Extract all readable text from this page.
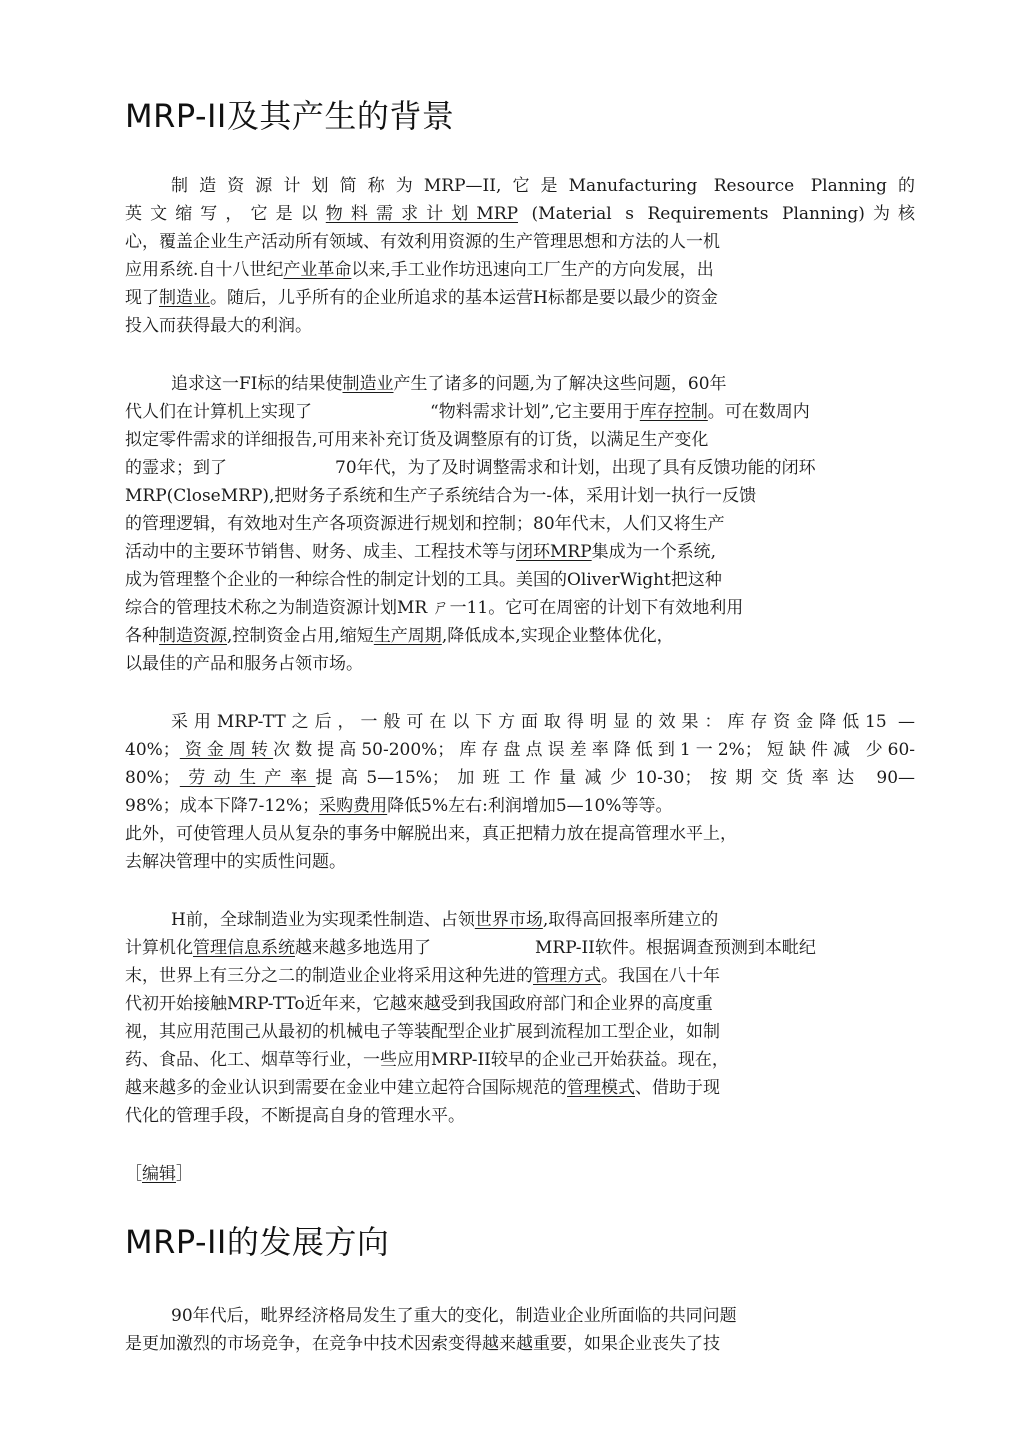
MRP-II及其产生的背景
制造资源计划简称为MRP—II,它是Manufacturing Resource Planning的
英文缩写，它是以物料需求计划MRP (Material s Requirements Planning)为核
心，覆盖企业生产活动所有领域、有效利用资源的生产管理思想和方法的人一机
应用系统.自十八世纪产业革命以来,手工业作坊迅速向工厂生产的方向发展，出
现了制造业。随后，儿乎所有的企业所追求的基本运营H标都是要以最少的资金
投入而获得最大的利润。
追求这一FI标的结果使制造业产生了诸多的问题,为了解决这些问题，60年
代人们在计算机上实现了	“物料需求计划”,它主要用于库存控制。可在数周内
拟定零件需求的详细报告,可用来补充订货及调整原有的订货，以满足生产变化
的霊求；到了	70年代，为了及时调整需求和计划，出现了具有反馈功能的闭环
MRP(CloseMRP),把财务子系统和生产子系统结合为一-体，采用计划一执行一反馈
的管理逻辑，有效地对生产各项资源进行规划和控制；80年代末，人们又将生产
活动中的主要环节销售、财务、成圭、工程技术等与闭环MRP集成为一个系统,
成为管理整个企业的一种综合性的制定计划的工具。美国的OliverWight把这种
综合的管理技术称之为制造资源计划MR ㄕ一11。它可在周密的计划下有效地利用
各种制造资源,控制资金占用,缩短生产周期,降低成本,实现企业整体优化，
以最佳的产品和服务占领市场。
采用MRP-TT之后，一般可在以下方面取得明显的效果：库存资金降低15 —
40%；资金周转次数提高50-200%；库存盘点误差率降低到1一2%；短缺件减 少60-
80%；劳动生产率提高5—15%；加班工作量减少10-30；按期交货率达 90—
98%；成本下降7-12%；采购费用降低5%左右:利润增加5—10%等等。
此外，可使管理人员从复杂的事务中解脱出来，真正把精力放在提高管理水平上，
去解决管理中的实质性问题。
H前，全球制造业为实现柔性制造、占领世界市场,取得高回报率所建立的
计算机化管理信息系统越来越多地选用了	MRP-II软件。根据调查预测到本毗纪
末，世界上有三分之二的制造业企业将采用这种先进的管理方式。我国在八十年
代初开始接触MRP-TTo近年来，它越來越受到我国政府部门和企业界的高度重
视，其应用范围己从最初的机械电子等装配型企业扩展到流程加工型企业，如制
药、食品、化工、烟草等行业，一些应用MRP-II较早的企业己开始获益。现在，
越来越多的金业认识到需要在金业中建立起符合国际规范的管理模式、借助于现
代化的管理手段，不断提高自身的管理水平。
［编辑］
MRP-II的发展方向
90年代后，毗界经济格局发生了重大的变化，制造业企业所面临的共同问题
是更加激烈的市场竞争，在竞争中技术因索变得越来越重要，如果企业丧失了技
